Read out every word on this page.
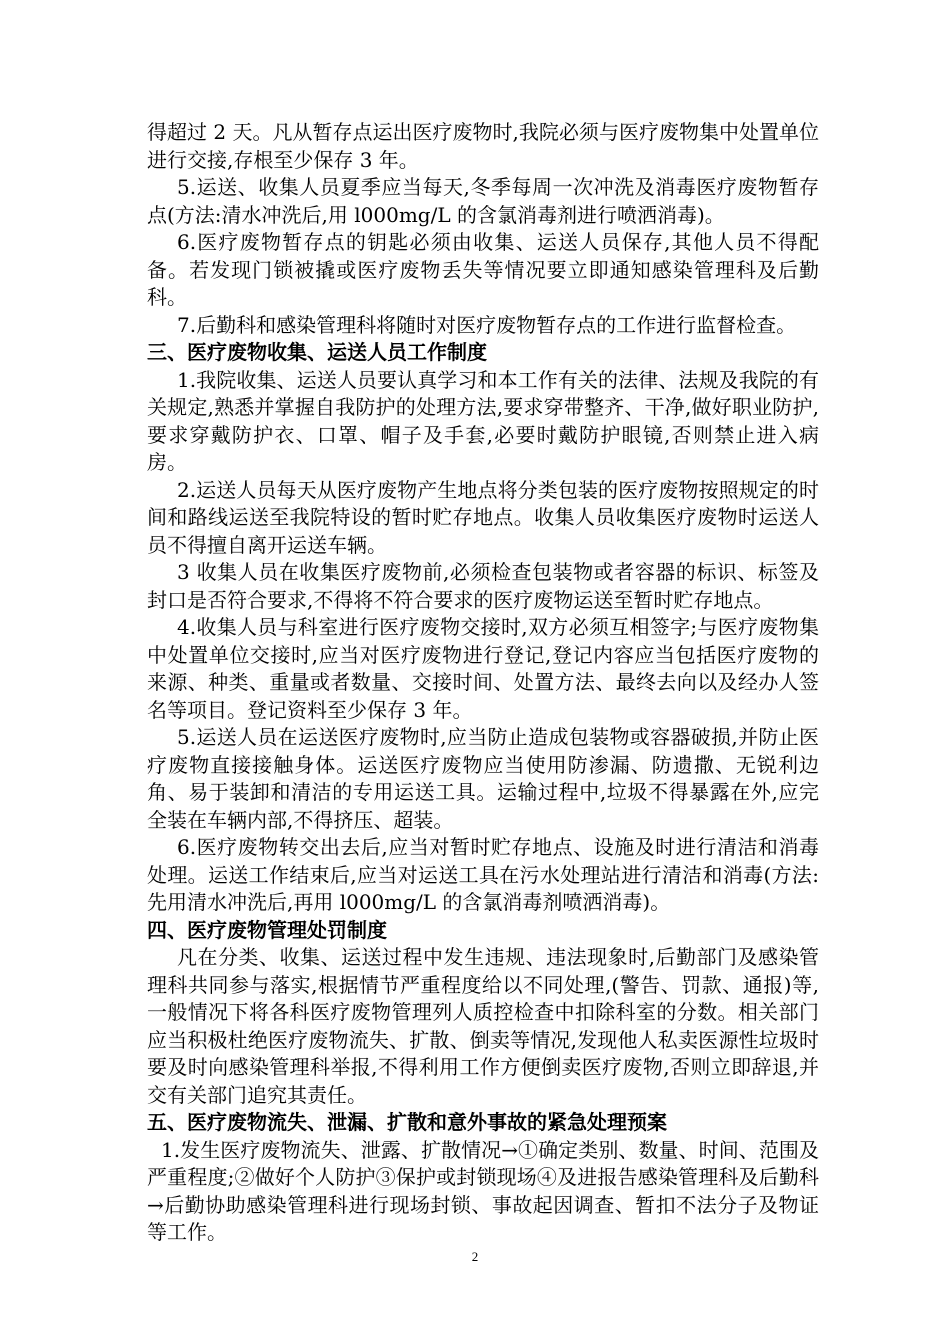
得超过 2 天。凡从暂存点运出医疗废物时,我院必须与医疗废物集中处置单位进行交接,存根至少保存 3 年。

5.运送、收集人员夏季应当每天,冬季每周一次冲洗及消毒医疗废物暂存点(方法:清水冲洗后,用 l000mg/L 的含氯消毒剂进行喷洒消毒)。

6.医疗废物暂存点的钥匙必须由收集、运送人员保存,其他人员不得配备。若发现门锁被撬或医疗废物丢失等情况要立即通知感染管理科及后勤科。

7.后勤科和感染管理科将随时对医疗废物暂存点的工作进行监督检查。

三、医疗废物收集、运送人员工作制度

1.我院收集、运送人员要认真学习和本工作有关的法律、法规及我院的有关规定,熟悉并掌握自我防护的处理方法,要求穿带整齐、干净,做好职业防护,要求穿戴防护衣、口罩、帽子及手套,必要时戴防护眼镜,否则禁止进入病房。

2.运送人员每天从医疗废物产生地点将分类包装的医疗废物按照规定的时间和路线运送至我院特设的暂时贮存地点。收集人员收集医疗废物时运送人员不得擅自离开运送车辆。

3 收集人员在收集医疗废物前,必须检查包装物或者容器的标识、标签及封口是否符合要求,不得将不符合要求的医疗废物运送至暂时贮存地点。

4.收集人员与科室进行医疗废物交接时,双方必须互相签字;与医疗废物集中处置单位交接时,应当对医疗废物进行登记,登记内容应当包括医疗废物的来源、种类、重量或者数量、交接时间、处置方法、最终去向以及经办人签名等项目。登记资料至少保存 3 年。

5.运送人员在运送医疗废物时,应当防止造成包装物或容器破损,并防止医疗废物直接接触身体。运送医疗废物应当使用防渗漏、防遗撒、无锐利边角、易于装卸和清洁的专用运送工具。运输过程中,垃圾不得暴露在外,应完全装在车辆内部,不得挤压、超装。

6.医疗废物转交出去后,应当对暂时贮存地点、设施及时进行清洁和消毒处理。运送工作结束后,应当对运送工具在污水处理站进行清洁和消毒(方法:先用清水冲洗后,再用 l000mg/L 的含氯消毒剂喷洒消毒)。

四、医疗废物管理处罚制度

凡在分类、收集、运送过程中发生违规、违法现象时,后勤部门及感染管理科共同参与落实,根据情节严重程度给以不同处理,(警告、罚款、通报)等,一般情况下将各科医疗废物管理列人质控检查中扣除科室的分数。相关部门应当积极杜绝医疗废物流失、扩散、倒卖等情况,发现他人私卖医源性垃圾时要及时向感染管理科举报,不得利用工作方便倒卖医疗废物,否则立即辞退,并交有关部门追究其责任。

五、医疗废物流失、泄漏、扩散和意外事故的紧急处理预案

1.发生医疗废物流失、泄露、扩散情况→①确定类别、数量、时间、范围及严重程度;②做好个人防护③保护或封锁现场④及进报告感染管理科及后勤科→后勤协助感染管理科进行现场封锁、事故起因调查、暂扣不法分子及物证等工作。

2
